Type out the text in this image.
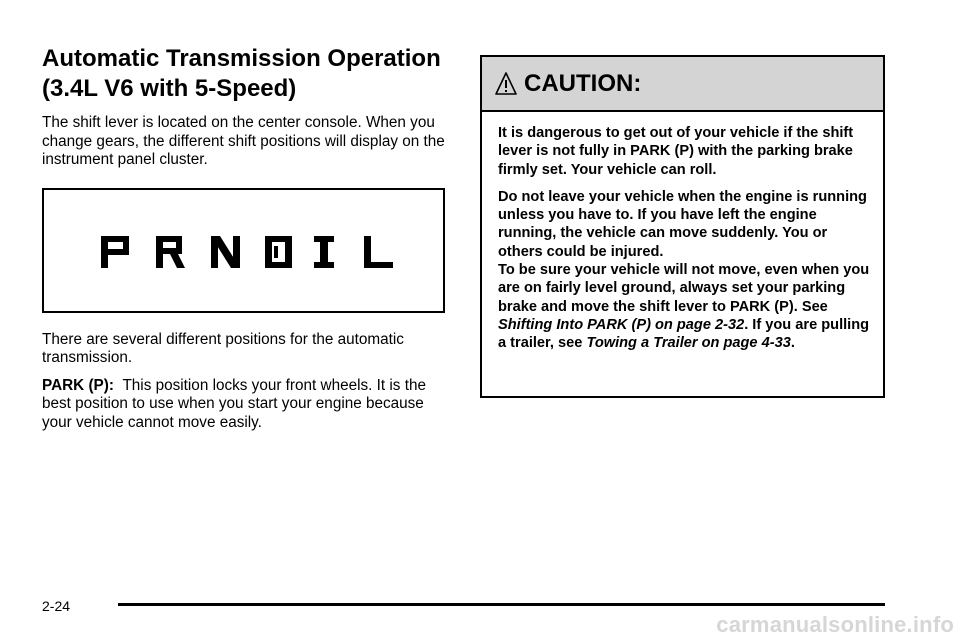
Automatic Transmission Operation
(3.4L V6 with 5-Speed)

The shift lever is located on the center console. When you change gears, the different shift positions will display on the instrument panel cluster.

There are several different positions for the automatic transmission.

PARK (P): This position locks your front wheels. It is the best position to use when you start your engine because your vehicle cannot move easily.

CAUTION:

It is dangerous to get out of your vehicle if the shift lever is not fully in PARK (P) with the parking brake firmly set. Your vehicle can roll.

Do not leave your vehicle when the engine is running unless you have to. If you have left the engine running, the vehicle can move suddenly. You or others could be injured.

To be sure your vehicle will not move, even when you are on fairly level ground, always set your parking brake and move the shift lever to PARK (P). See Shifting Into PARK (P) on page 2-32. If you are pulling a trailer, see Towing a Trailer on page 4-33.

2-24
carmanualsonline.info
